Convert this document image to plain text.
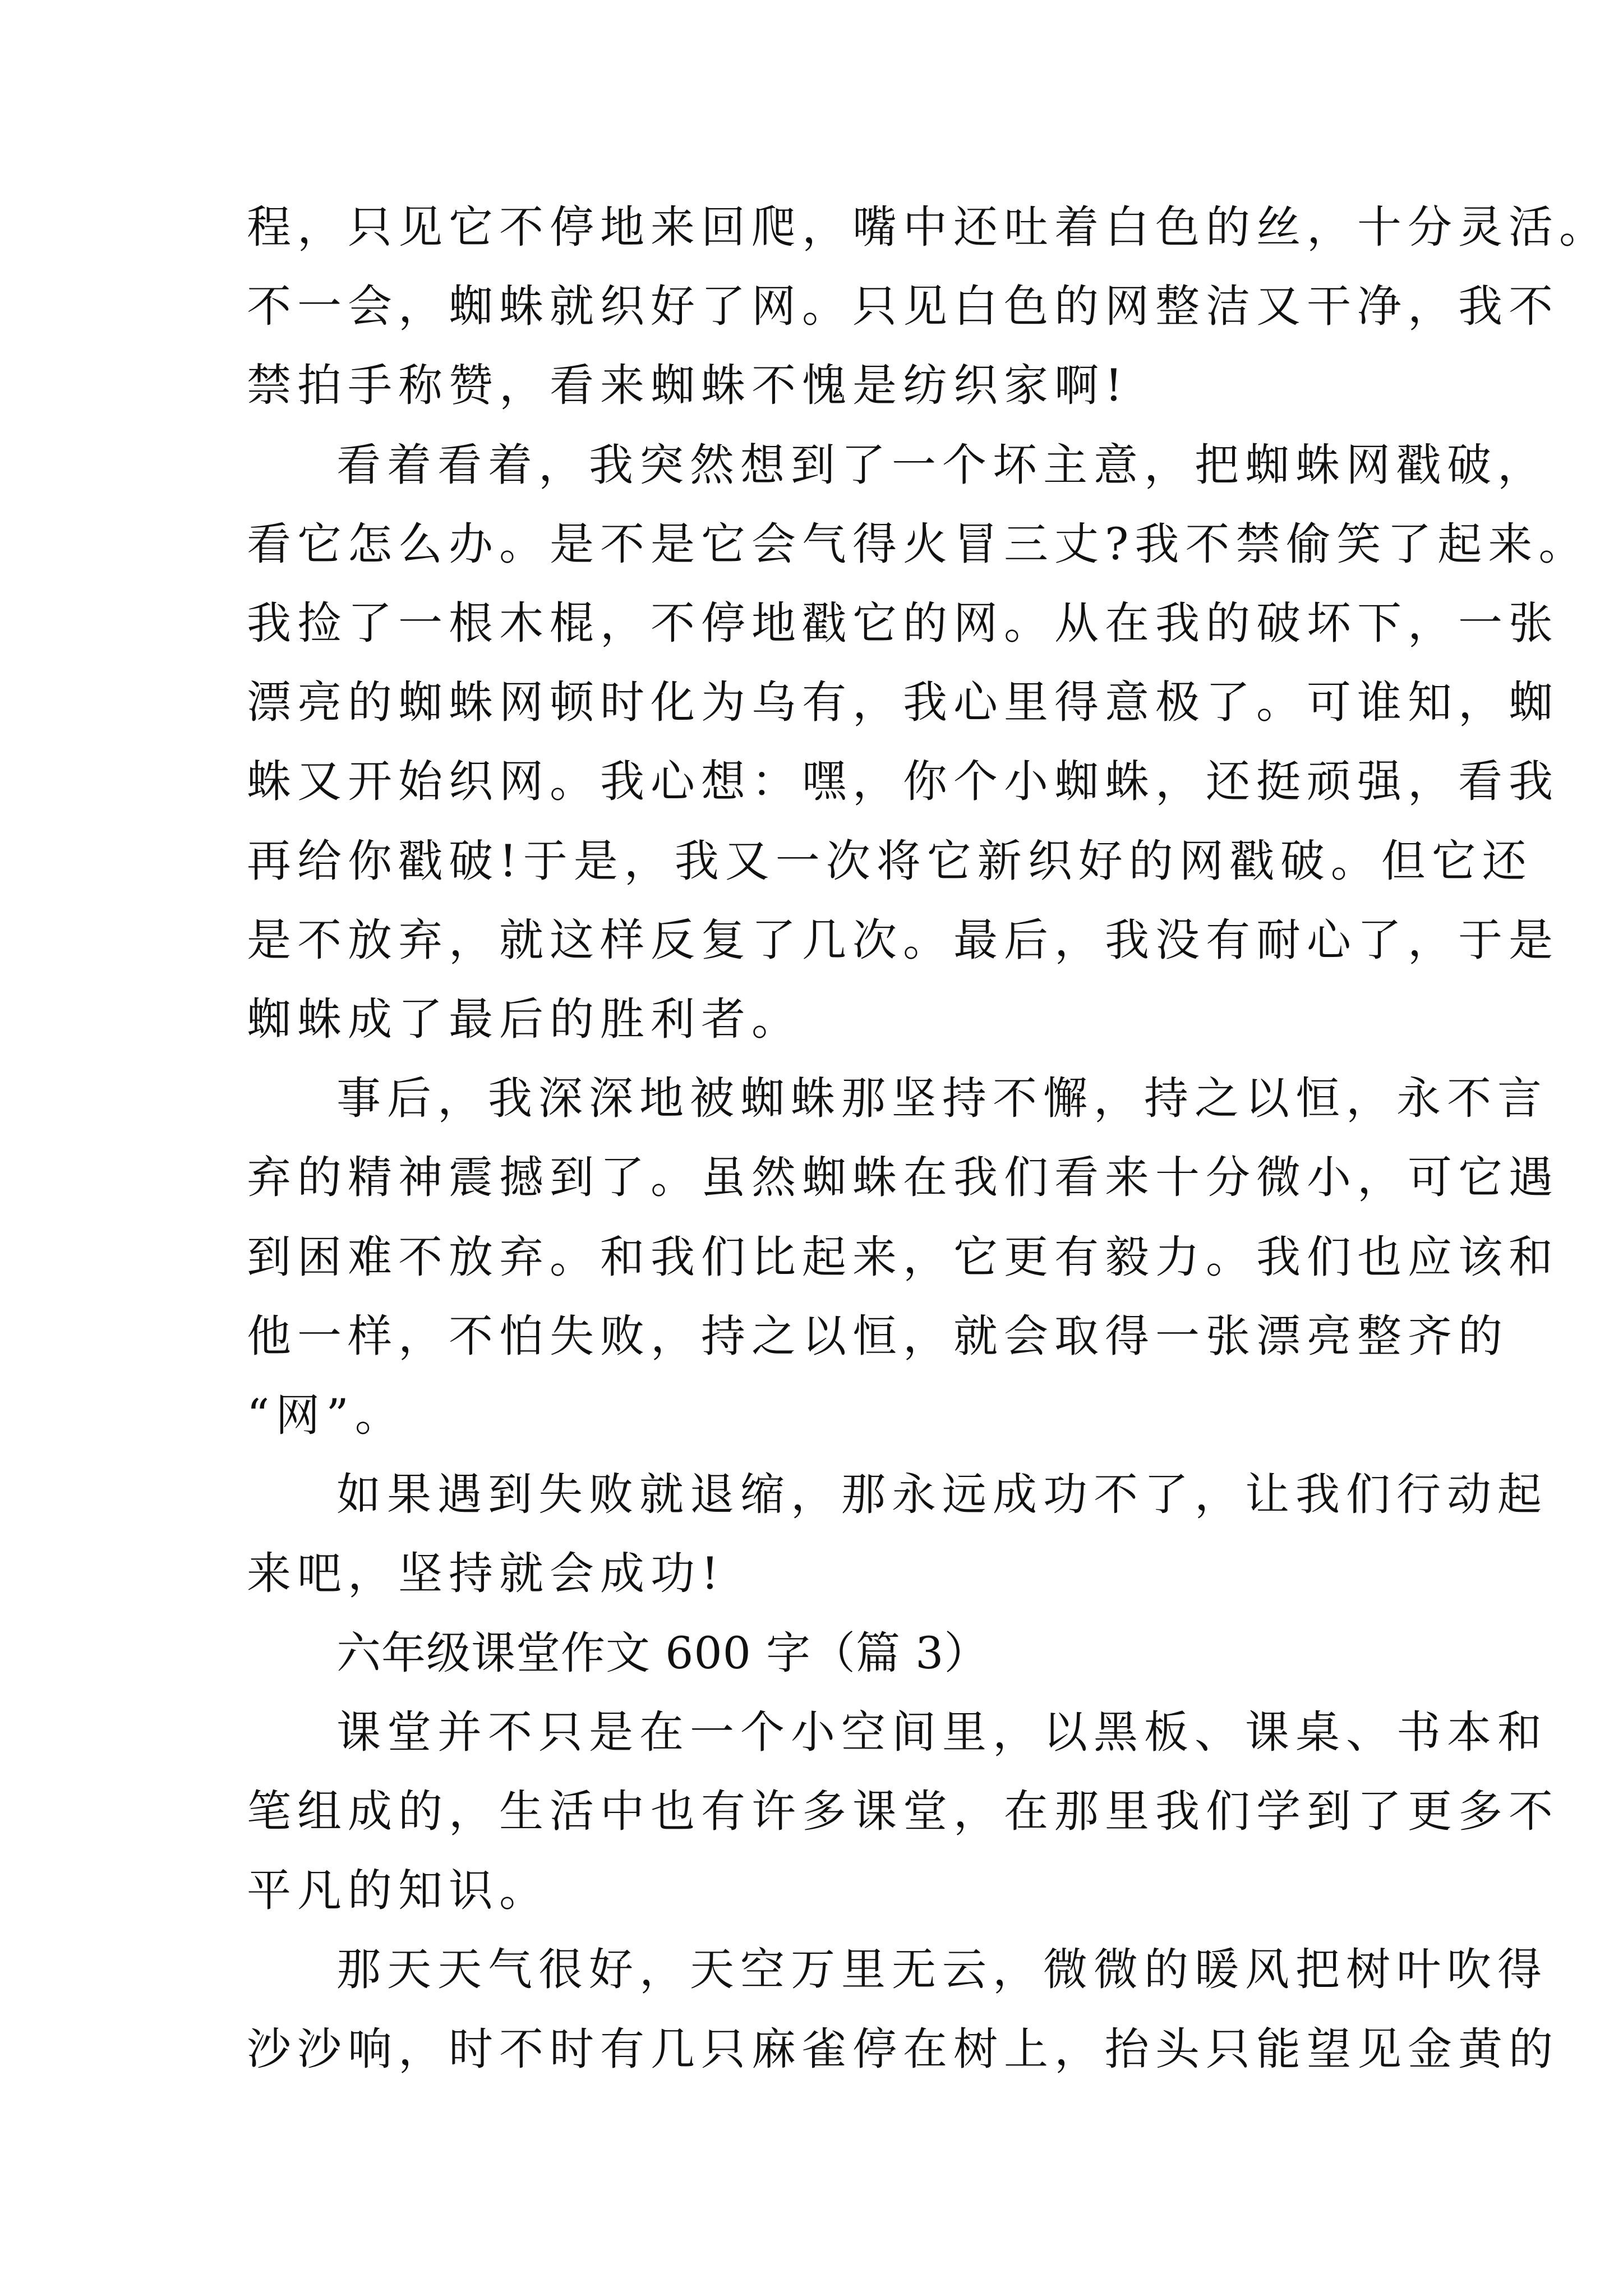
程，只见它不停地来回爬，嘴中还吐着白色的丝，十分灵活。
不一会，蜘蛛就织好了网。只见白色的网整洁又干净，我不
禁拍手称赞，看来蜘蛛不愧是纺织家啊!

看着看着，我突然想到了一个坏主意，把蜘蛛网戳破，
看它怎么办。是不是它会气得火冒三丈?我不禁偷笑了起来。
我捡了一根木棍，不停地戳它的网。从在我的破坏下，一张
漂亮的蜘蛛网顿时化为乌有，我心里得意极了。可谁知，蜘
蛛又开始织网。我心想：嘿，你个小蜘蛛，还挺顽强，看我
再给你戳破!于是，我又一次将它新织好的网戳破。但它还
是不放弃，就这样反复了几次。最后，我没有耐心了，于是
蜘蛛成了最后的胜利者。

事后，我深深地被蜘蛛那坚持不懈，持之以恒，永不言
弃的精神震撼到了。虽然蜘蛛在我们看来十分微小，可它遇
到困难不放弃。和我们比起来，它更有毅力。我们也应该和
他一样，不怕失败，持之以恒，就会取得一张漂亮整齐的
“网”。

如果遇到失败就退缩，那永远成功不了，让我们行动起
来吧，坚持就会成功!

六年级课堂作文 600 字（篇 3）

课堂并不只是在一个小空间里，以黑板、课桌、书本和
笔组成的，生活中也有许多课堂，在那里我们学到了更多不
平凡的知识。

那天天气很好，天空万里无云，微微的暖风把树叶吹得
沙沙响，时不时有几只麻雀停在树上，抬头只能望见金黄的
